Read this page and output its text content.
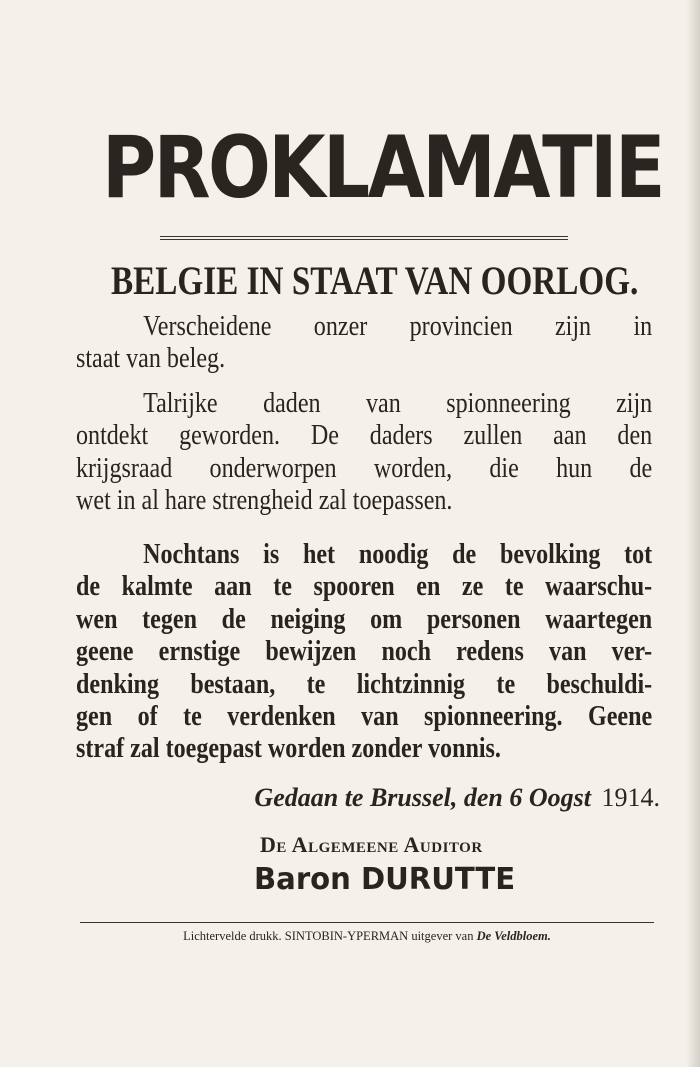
PROKLAMATIE
BELGIE IN STAAT VAN OORLOG.
Verscheidene onzer provincien zijn in
staat van beleg.
Talrijke daden van spionneering zijn
ontdekt geworden. De daders zullen aan den
krijgsraad onderworpen worden, die hun de
wet in al hare strengheid zal toepassen.
Nochtans is het noodig de bevolking tot
de kalmte aan te spooren en ze te waarschu-
wen tegen de neiging om personen waartegen
geene ernstige bewijzen noch redens van ver-
denking bestaan, te lichtzinnig te beschuldi-
gen of te verdenken van spionneering. Geene
straf zal toegepast worden zonder vonnis.
Gedaan te Brussel, den 6 Oogst 1914.
De Algemeene Auditor
Baron DURUTTE
Lichtervelde drukk. SINTOBIN-YPERMAN uitgever van De Veldbloem.
